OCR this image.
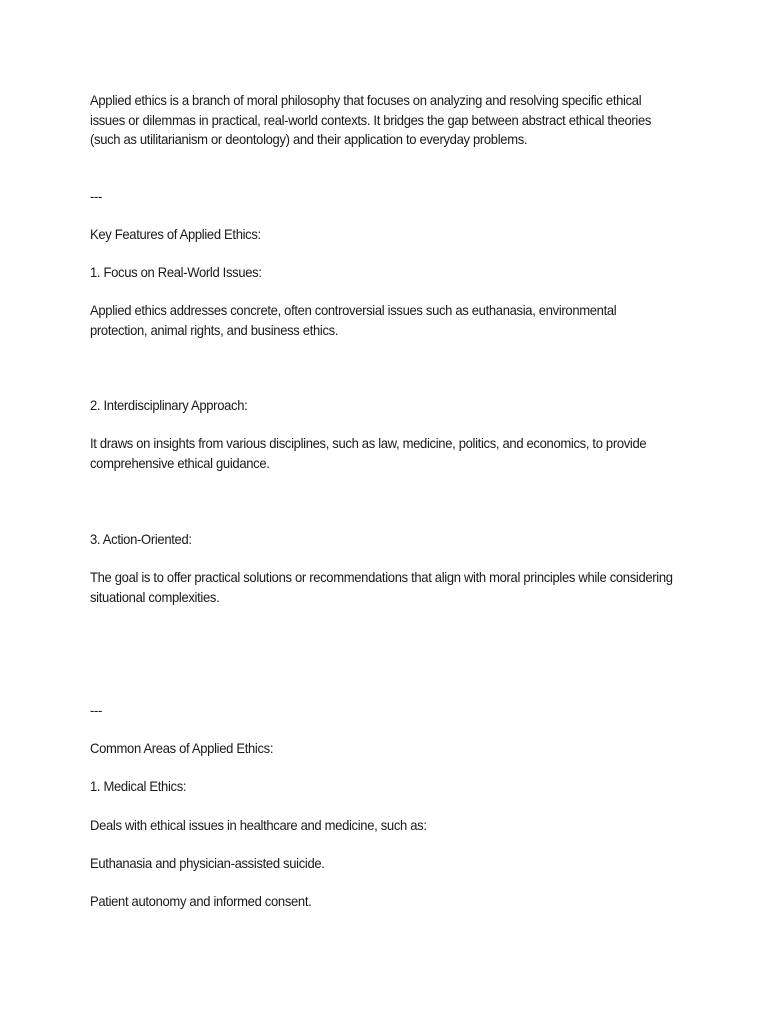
Applied ethics is a branch of moral philosophy that focuses on analyzing and resolving specific ethical
issues or dilemmas in practical, real-world contexts. It bridges the gap between abstract ethical theories
(such as utilitarianism or deontology) and their application to everyday problems.

---

Key Features of Applied Ethics:

1. Focus on Real-World Issues:

Applied ethics addresses concrete, often controversial issues such as euthanasia, environmental
protection, animal rights, and business ethics.

2. Interdisciplinary Approach:

It draws on insights from various disciplines, such as law, medicine, politics, and economics, to provide
comprehensive ethical guidance.

3. Action-Oriented:

The goal is to offer practical solutions or recommendations that align with moral principles while considering
situational complexities.

---

Common Areas of Applied Ethics:

1. Medical Ethics:

Deals with ethical issues in healthcare and medicine, such as:

Euthanasia and physician-assisted suicide.

Patient autonomy and informed consent.
